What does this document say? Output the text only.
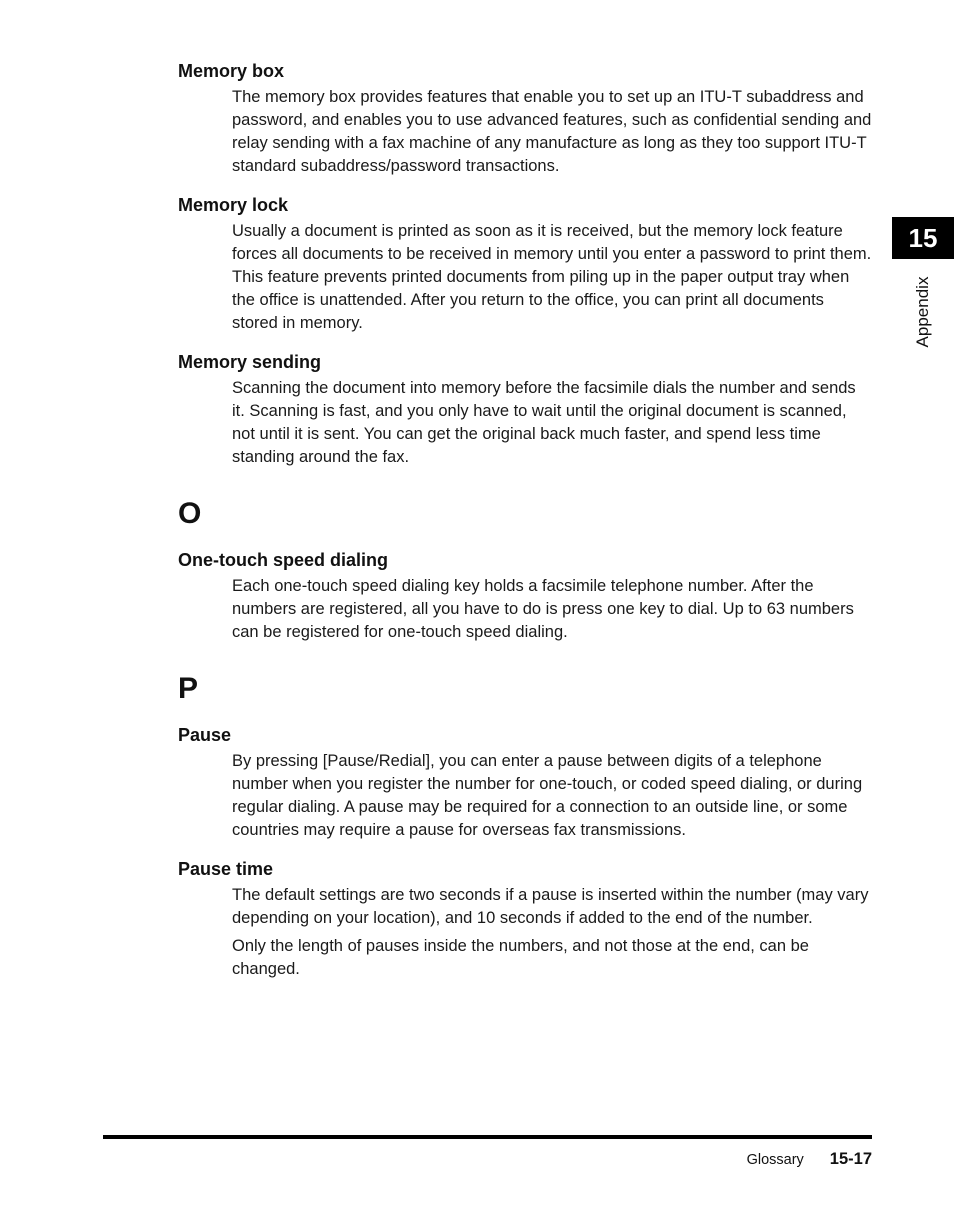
15
Appendix
Memory box

The memory box provides features that enable you to set up an ITU-T subaddress and password, and enables you to use advanced features, such as confidential sending and relay sending with a fax machine of any manufacture as long as they too support ITU-T standard subaddress/password transactions.

Memory lock

Usually a document is printed as soon as it is received, but the memory lock feature forces all documents to be received in memory until you enter a password to print them. This feature prevents printed documents from piling up in the paper output tray when the office is unattended. After you return to the office, you can print all documents stored in memory.

Memory sending

Scanning the document into memory before the facsimile dials the number and sends it. Scanning is fast, and you only have to wait until the original document is scanned, not until it is sent. You can get the original back much faster, and spend less time standing around the fax.

O
One-touch speed dialing

Each one-touch speed dialing key holds a facsimile telephone number. After the numbers are registered, all you have to do is press one key to dial. Up to 63 numbers can be registered for one-touch speed dialing.

P
Pause

By pressing [Pause/Redial], you can enter a pause between digits of a telephone number when you register the number for one-touch, or coded speed dialing, or during regular dialing. A pause may be required for a connection to an outside line, or some countries may require a pause for overseas fax transmissions.

Pause time

The default settings are two seconds if a pause is inserted within the number (may vary depending on your location), and 10 seconds if added to the end of the number.

Only the length of pauses inside the numbers, and not those at the end, can be changed.

Glossary 15-17
